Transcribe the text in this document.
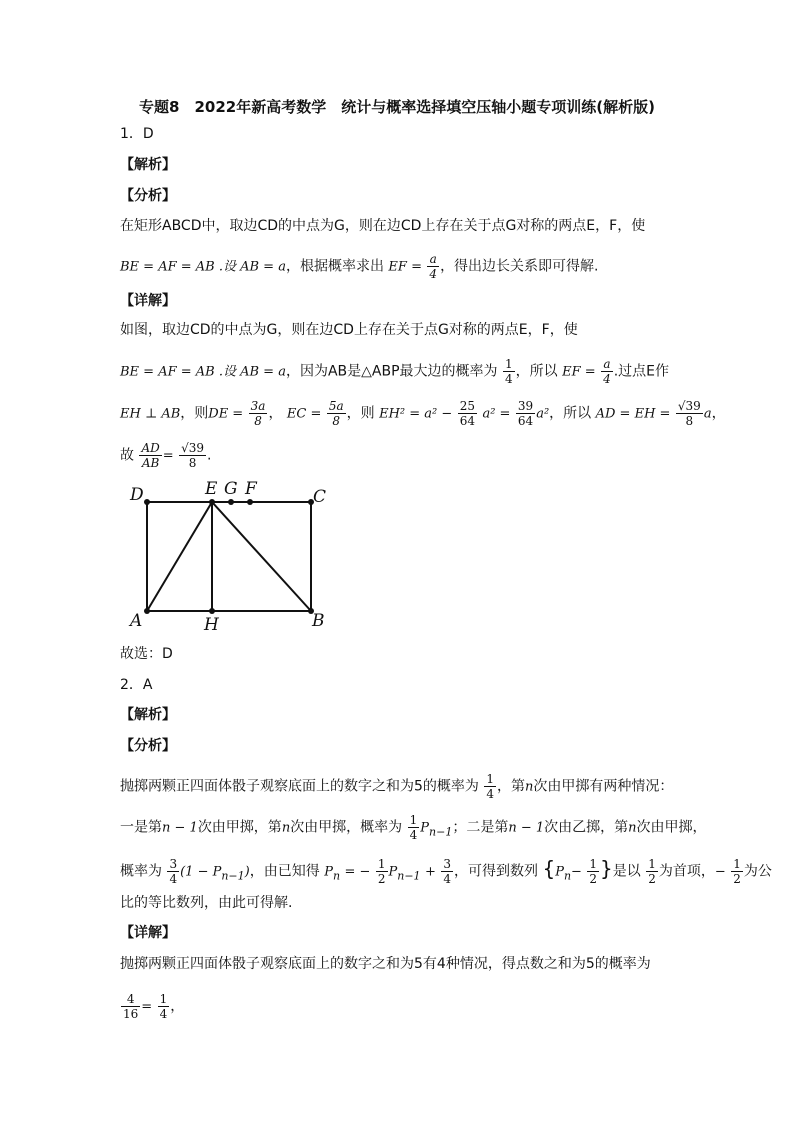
专题8　2022年新高考数学　统计与概率选择填空压轴小题专项训练(解析版)
1．D
【解析】
【分析】
在矩形ABCD中，取边CD的中点为G，则在边CD上存在关于点G对称的两点E，F，使
BE = AF = AB .设 AB = a，根据概率求出 EF = $\frac{a}{4}$ ，得出边长关系即可得解.
【详解】
如图，取边CD的中点为G，则在边CD上存在关于点G对称的两点E，F，使
BE = AF = AB .设 AB = a，因为AB是△ABP最大边的概率为 $\frac{1}{4}$ ，所以 EF = $\frac{a}{4}$ .过点E作
EH ⊥ AB，则DE = $\frac{3a}{8}$ ， EC = $\frac{5a}{8}$ ，则 $EH^2 = a^2 - \frac{25}{64} a^2 = \frac{39}{64} a^2$，所以 AD = EH = $\frac{√39}{8}$ a，
故 $\frac{AD}{AB} = \frac{√39}{8}$ .
D	E G F	C
A	H	B
故选：D
2．A
【解析】
【分析】
抛掷两颗正四面体骰子观察底面上的数字之和为5的概率为 $\frac{1}{4}$ ，第n次由甲掷有两种情况：
一是第n − 1次由甲掷，第n次由甲掷，概率为 $\frac{1}{4} P_{n-1}$；二是第n − 1次由乙掷，第n次由甲掷，
概率为 $\frac{3}{4} (1 - P_{n-1})$，由已知得 $P_n$ = − $\frac{1}{2} P_{n-1} + \frac{3}{4}$ ，可得到数列 {$P_n- \frac{1}{2}$ }是以 $\frac{1}{2}$ 为首项，− $\frac{1}{2}$ 为公
比的等比数列，由此可得解.
【详解】
抛掷两颗正四面体骰子观察底面上的数字之和为5有4种情况，得点数之和为5的概率为
$\frac{4}{16} = \frac{1}{4}$ ，
